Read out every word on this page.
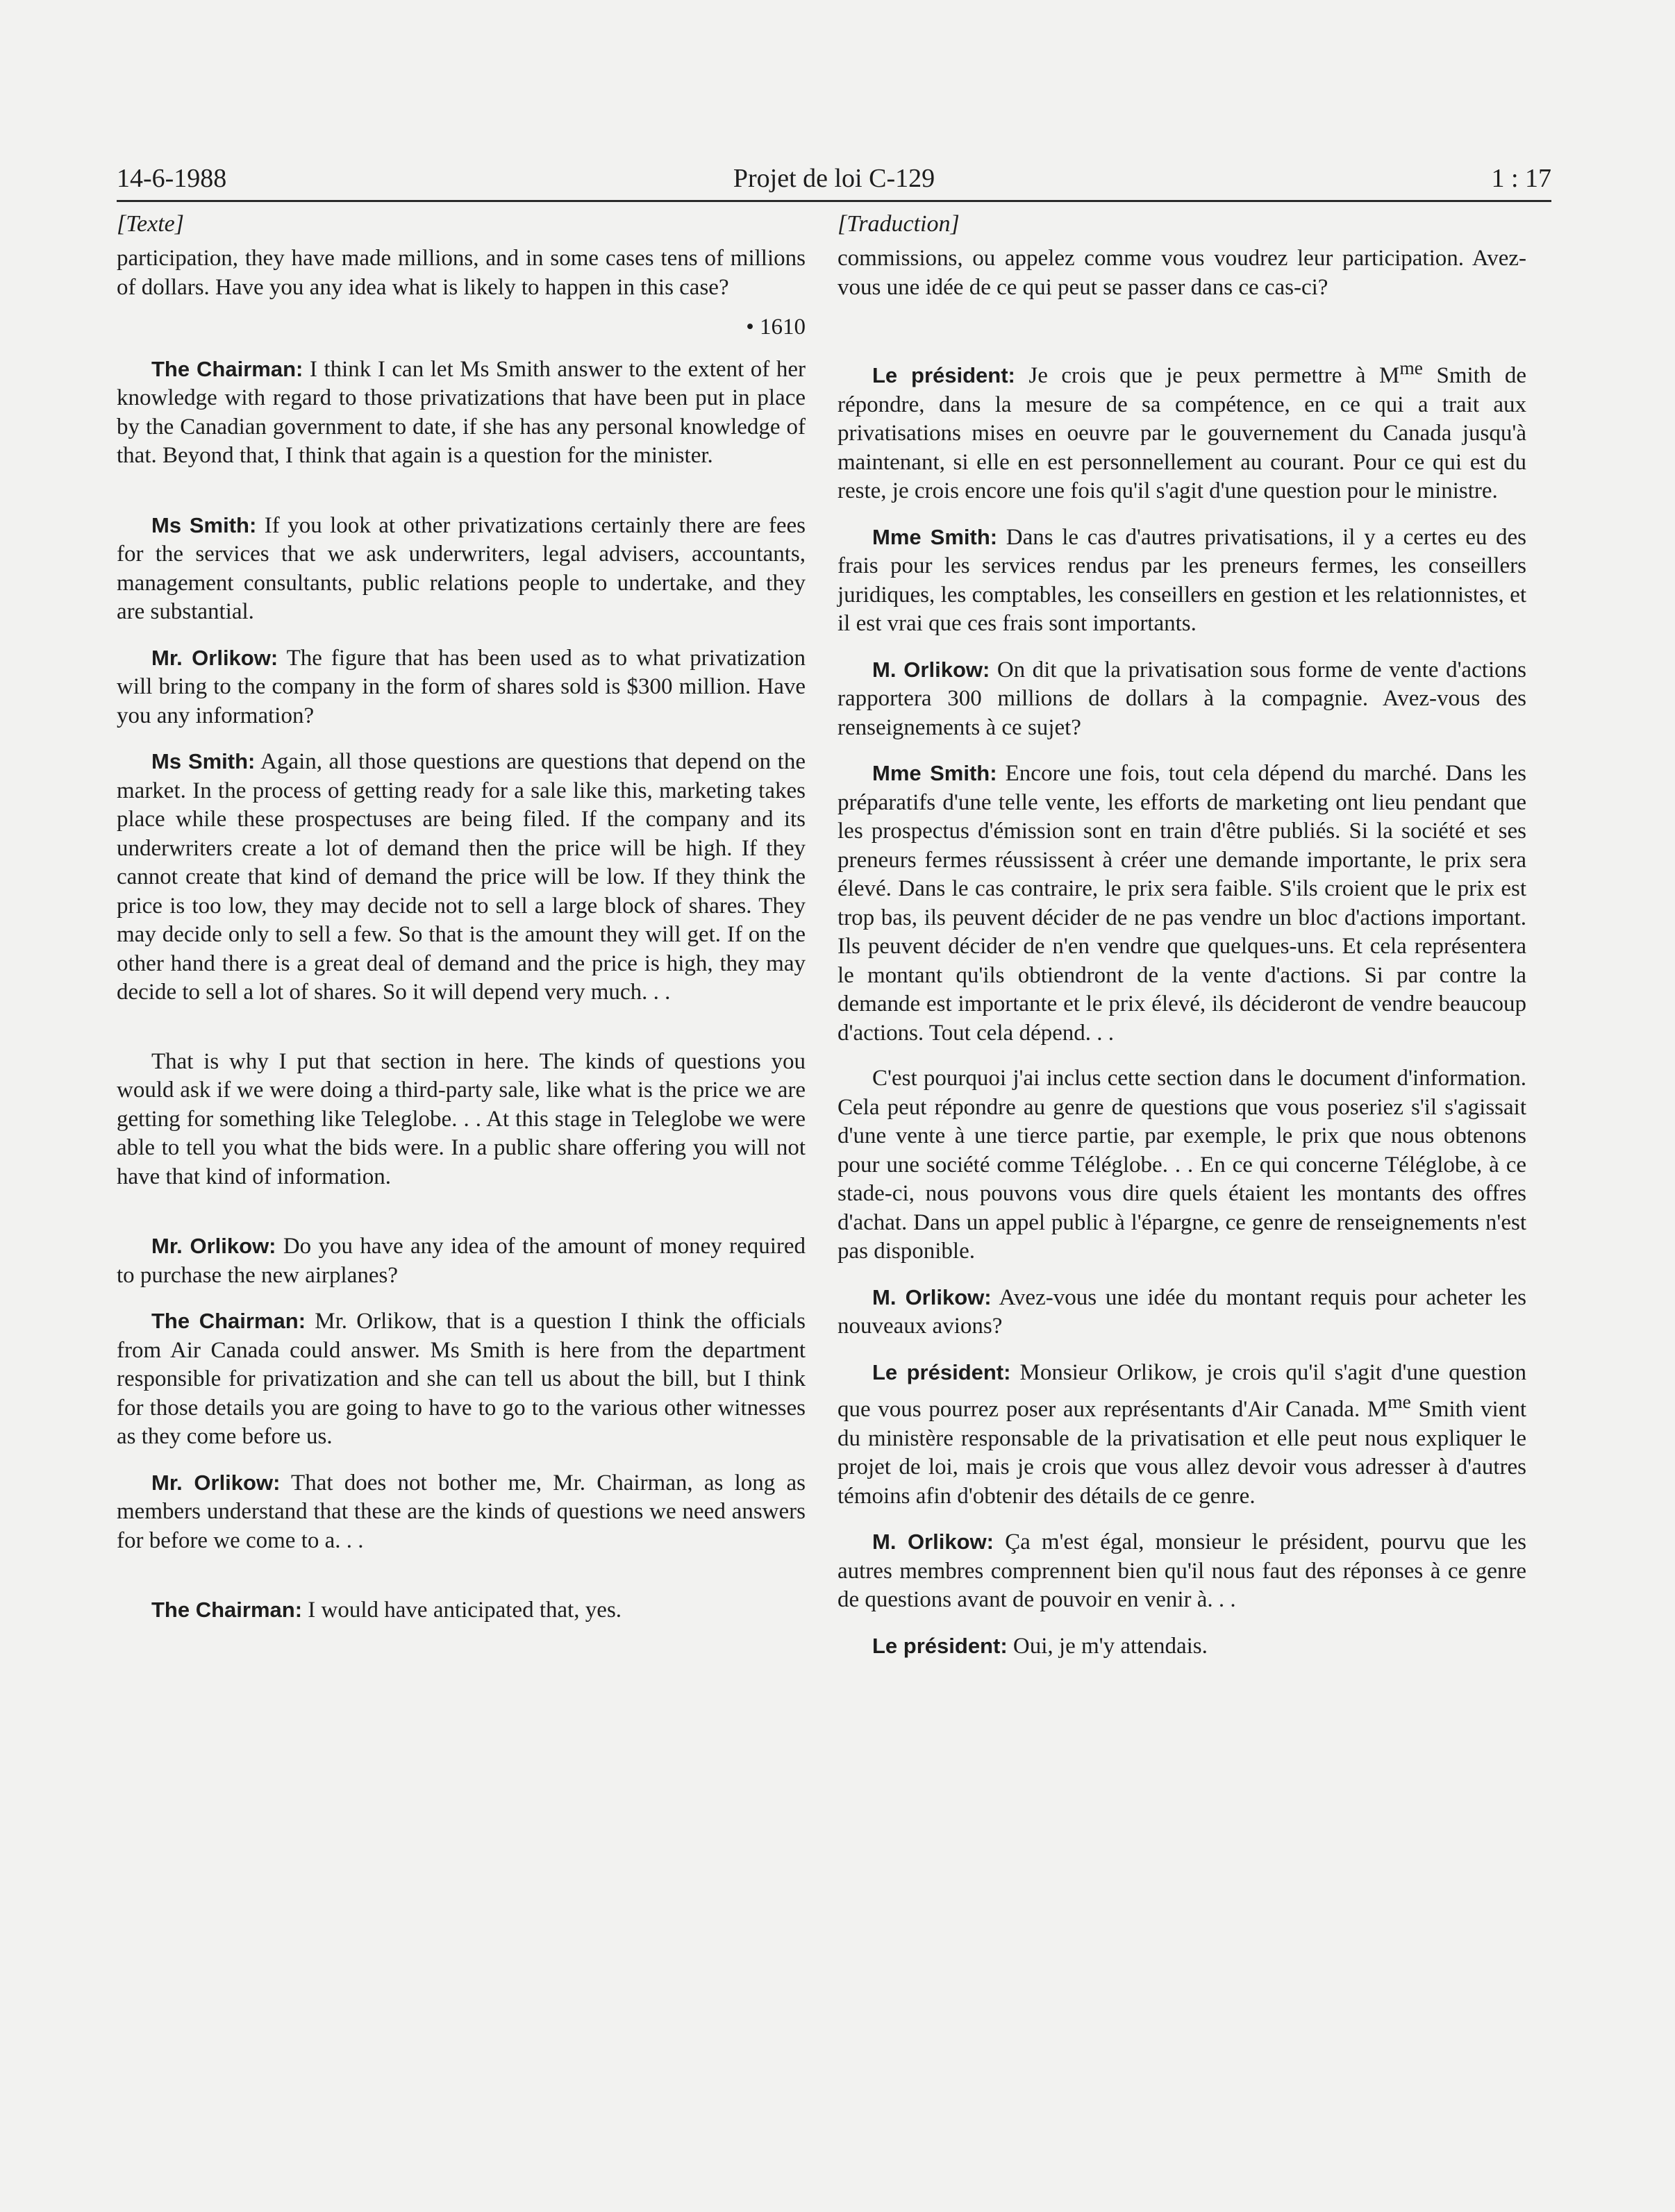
Projet de loi C-129
14-6-1988	1 : 17
[Texte]

participation, they have made millions, and in some cases tens of millions of dollars. Have you any idea what is likely to happen in this case?

• 1610

The Chairman: I think I can let Ms Smith answer to the extent of her knowledge with regard to those privatizations that have been put in place by the Canadian government to date, if she has any personal knowledge of that. Beyond that, I think that again is a question for the minister.

Ms Smith: If you look at other privatizations certainly there are fees for the services that we ask underwriters, legal advisers, accountants, management consultants, public relations people to undertake, and they are substantial.

Mr. Orlikow: The figure that has been used as to what privatization will bring to the company in the form of shares sold is $300 million. Have you any information?

Ms Smith: Again, all those questions are questions that depend on the market. In the process of getting ready for a sale like this, marketing takes place while these prospectuses are being filed. If the company and its underwriters create a lot of demand then the price will be high. If they cannot create that kind of demand the price will be low. If they think the price is too low, they may decide not to sell a large block of shares. They may decide only to sell a few. So that is the amount they will get. If on the other hand there is a great deal of demand and the price is high, they may decide to sell a lot of shares. So it will depend very much. . .

That is why I put that section in here. The kinds of questions you would ask if we were doing a third-party sale, like what is the price we are getting for something like Teleglobe. . . At this stage in Teleglobe we were able to tell you what the bids were. In a public share offering you will not have that kind of information.

Mr. Orlikow: Do you have any idea of the amount of money required to purchase the new airplanes?

The Chairman: Mr. Orlikow, that is a question I think the officials from Air Canada could answer. Ms Smith is here from the department responsible for privatization and she can tell us about the bill, but I think for those details you are going to have to go to the various other witnesses as they come before us.

Mr. Orlikow: That does not bother me, Mr. Chairman, as long as members understand that these are the kinds of questions we need answers for before we come to a. . .

The Chairman: I would have anticipated that, yes.

[Traduction]

commissions, ou appelez comme vous voudrez leur participation. Avez-vous une idée de ce qui peut se passer dans ce cas-ci?

Le président: Je crois que je peux permettre à $M^{me}$ Smith de répondre, dans la mesure de sa compétence, en ce qui a trait aux privatisations mises en oeuvre par le gouvernement du Canada jusqu'à maintenant, si elle en est personnellement au courant. Pour ce qui est du reste, je crois encore une fois qu'il s'agit d'une question pour le ministre.

Mme Smith: Dans le cas d'autres privatisations, il y a certes eu des frais pour les services rendus par les preneurs fermes, les conseillers juridiques, les comptables, les conseillers en gestion et les relationnistes, et il est vrai que ces frais sont importants.

M. Orlikow: On dit que la privatisation sous forme de vente d'actions rapportera 300 millions de dollars à la compagnie. Avez-vous des renseignements à ce sujet?

Mme Smith: Encore une fois, tout cela dépend du marché. Dans les préparatifs d'une telle vente, les efforts de marketing ont lieu pendant que les prospectus d'émission sont en train d'être publiés. Si la société et ses preneurs fermes réussissent à créer une demande importante, le prix sera élevé. Dans le cas contraire, le prix sera faible. S'ils croient que le prix est trop bas, ils peuvent décider de ne pas vendre un bloc d'actions important. Ils peuvent décider de n'en vendre que quelques-uns. Et cela représentera le montant qu'ils obtiendront de la vente d'actions. Si par contre la demande est importante et le prix élevé, ils décideront de vendre beaucoup d'actions. Tout cela dépend. . .

C'est pourquoi j'ai inclus cette section dans le document d'information. Cela peut répondre au genre de questions que vous poseriez s'il s'agissait d'une vente à une tierce partie, par exemple, le prix que nous obtenons pour une société comme Téléglobe. . . En ce qui concerne Téléglobe, à ce stade-ci, nous pouvons vous dire quels étaient les montants des offres d'achat. Dans un appel public à l'épargne, ce genre de renseignements n'est pas disponible.

M. Orlikow: Avez-vous une idée du montant requis pour acheter les nouveaux avions?

Le président: Monsieur Orlikow, je crois qu'il s'agit d'une question que vous pourrez poser aux représentants d'Air Canada. $M^{me}$ Smith vient du ministère responsable de la privatisation et elle peut nous expliquer le projet de loi, mais je crois que vous allez devoir vous adresser à d'autres témoins afin d'obtenir des détails de ce genre.

M. Orlikow: Ça m'est égal, monsieur le président, pourvu que les autres membres comprennent bien qu'il nous faut des réponses à ce genre de questions avant de pouvoir en venir à. . .

Le président: Oui, je m'y attendais.
